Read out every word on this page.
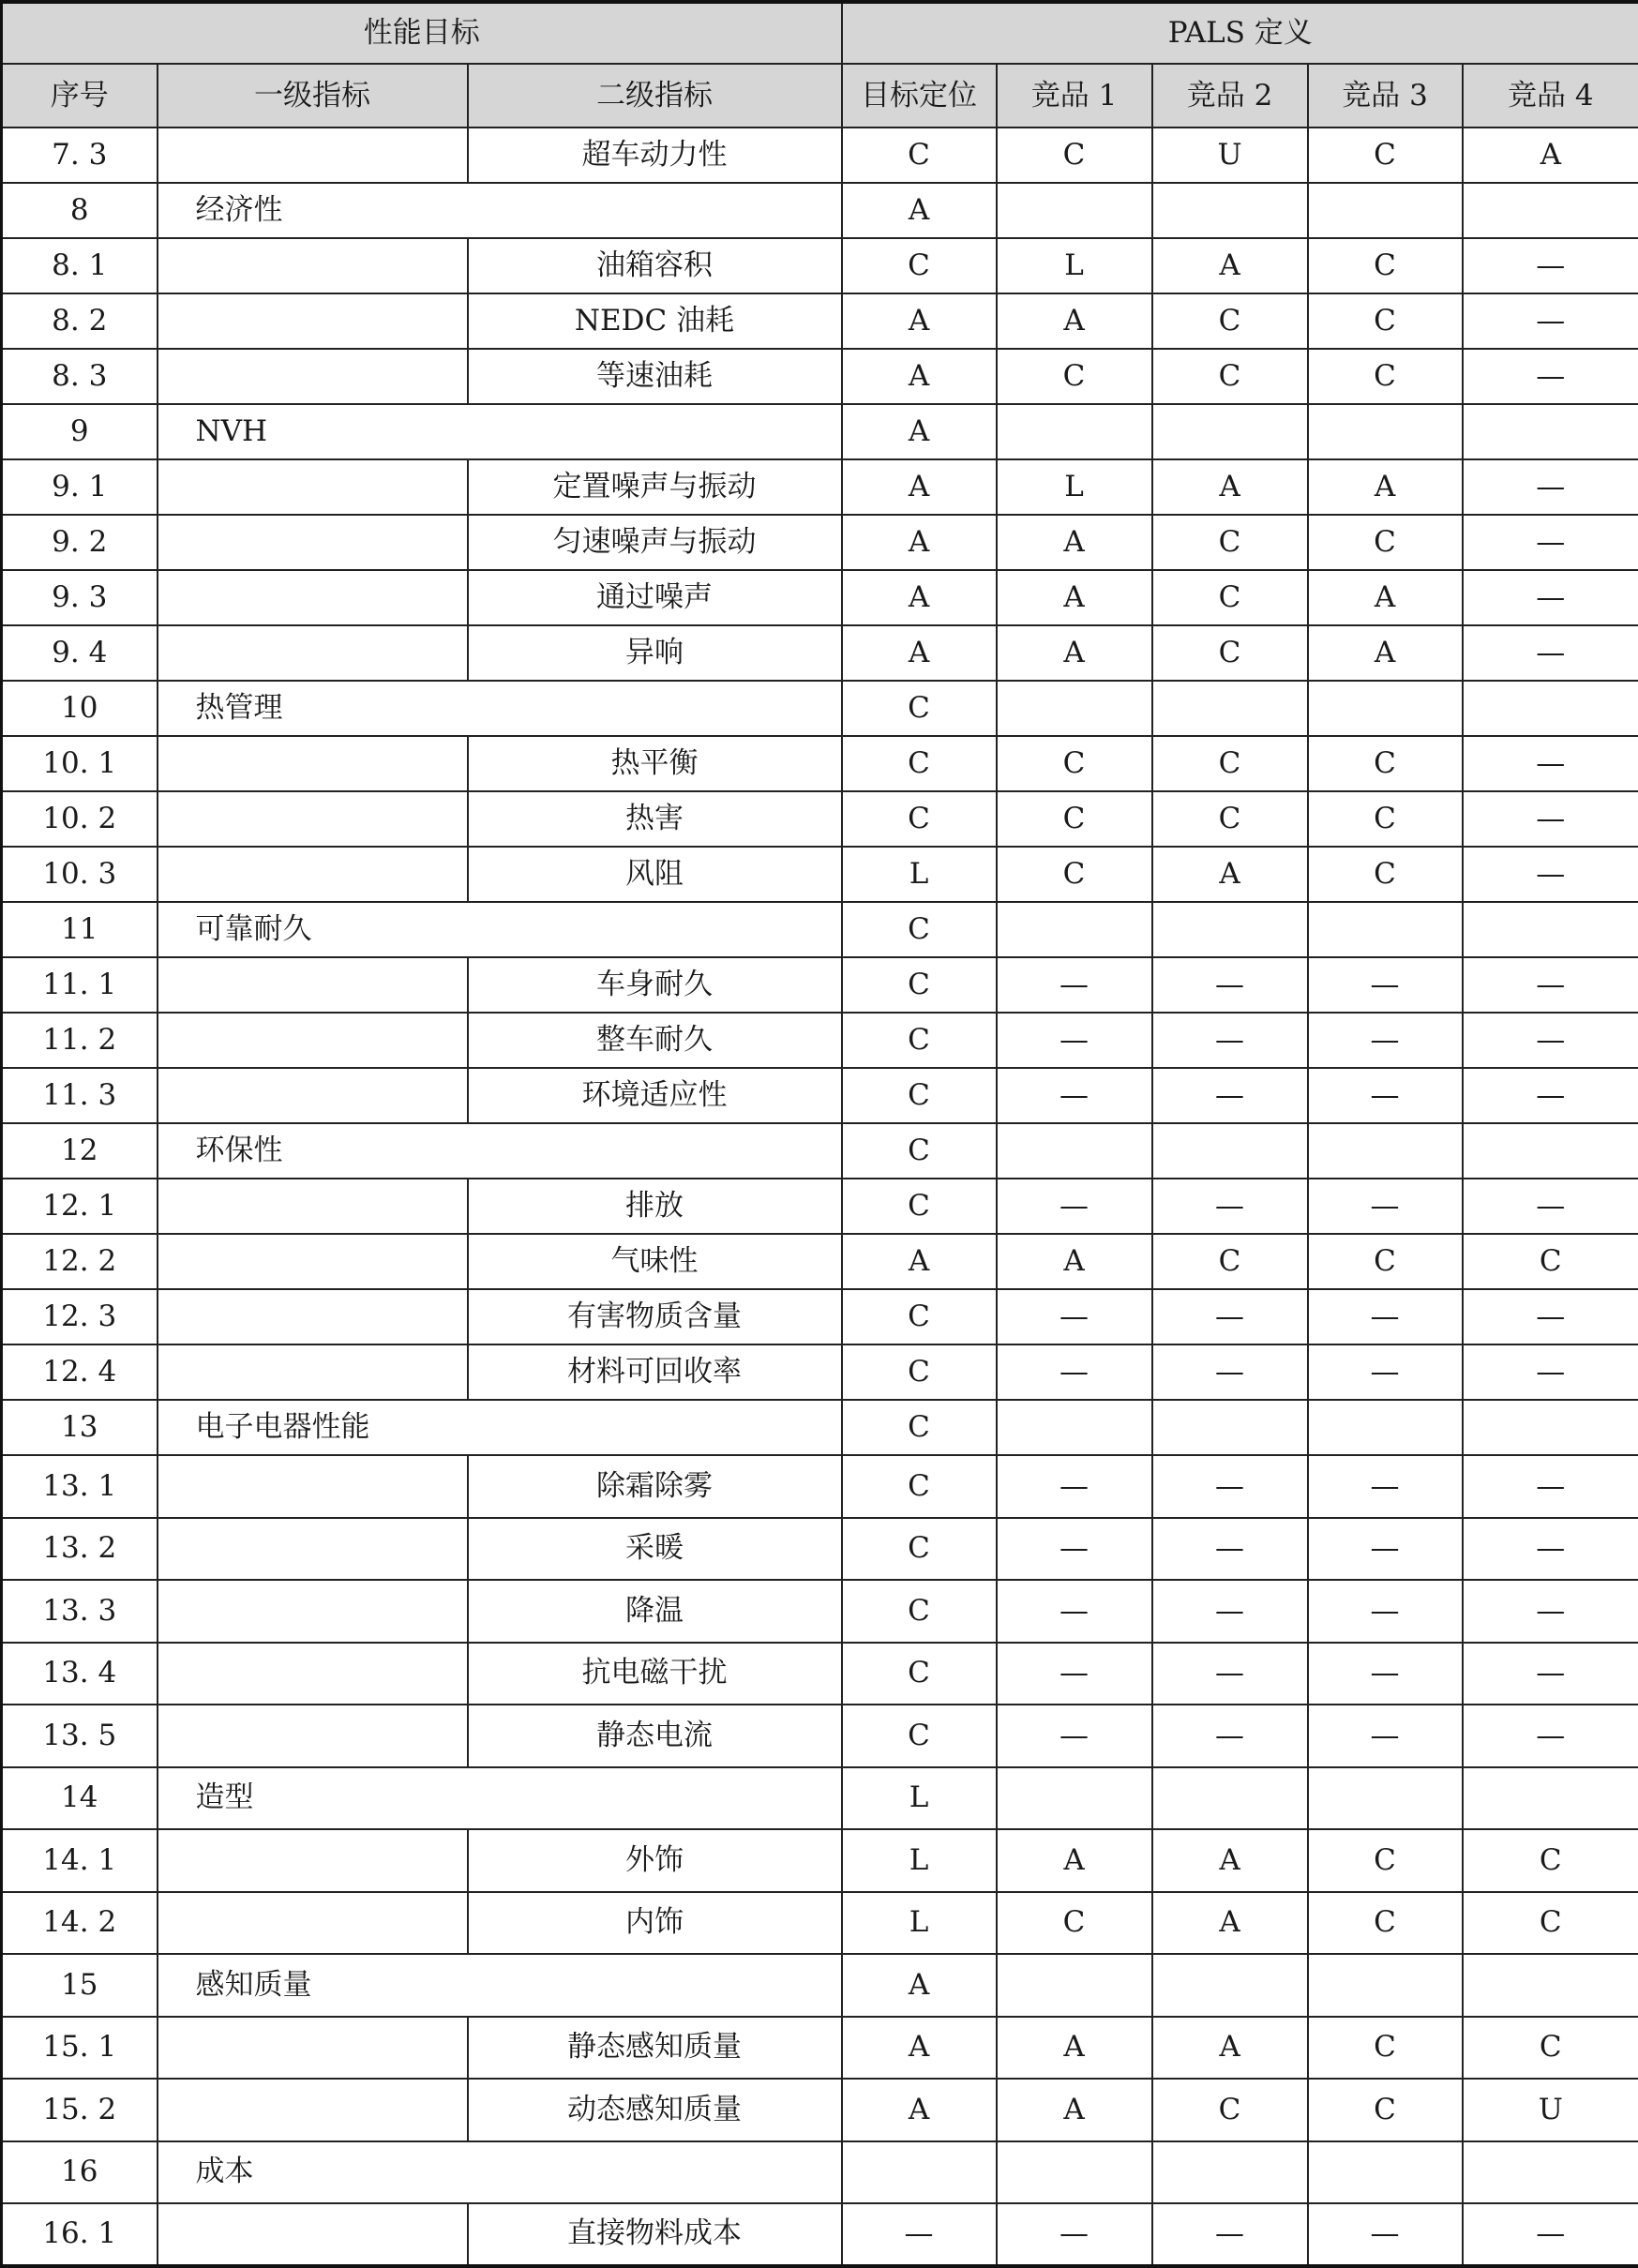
性能目标			PALS 定义				
序号	一级指标	二级指标	目标定位	竞品 1	竞品 2	竞品 3	竞品 4
7. 3		超车动力性	C	C	U	C	A
8	经济性		A				
8. 1		油箱容积	C	L	A	C	—
8. 2		NEDC 油耗	A	A	C	C	—
8. 3		等速油耗	A	C	C	C	—
9	NVH		A				
9. 1		定置噪声与振动	A	L	A	A	—
9. 2		匀速噪声与振动	A	A	C	C	—
9. 3		通过噪声	A	A	C	A	—
9. 4		异响	A	A	C	A	—
10	热管理		C				
10. 1		热平衡	C	C	C	C	—
10. 2		热害	C	C	C	C	—
10. 3		风阻	L	C	A	C	—
11	可靠耐久		C				
11. 1		车身耐久	C	—	—	—	—
11. 2		整车耐久	C	—	—	—	—
11. 3		环境适应性	C	—	—	—	—
12	环保性		C				
12. 1		排放	C	—	—	—	—
12. 2		气味性	A	A	C	C	C
12. 3		有害物质含量	C	—	—	—	—
12. 4		材料可回收率	C	—	—	—	—
13	电子电器性能		C				
13. 1		除霜除雾	C	—	—	—	—
13. 2		采暖	C	—	—	—	—
13. 3		降温	C	—	—	—	—
13. 4		抗电磁干扰	C	—	—	—	—
13. 5		静态电流	C	—	—	—	—
14	造型		L				
14. 1		外饰	L	A	A	C	C
14. 2		内饰	L	C	A	C	C
15	感知质量		A				
15. 1		静态感知质量	A	A	A	C	C
15. 2		动态感知质量	A	A	C	C	U
16	成本						
16. 1		直接物料成本	—	—	—	—	—
